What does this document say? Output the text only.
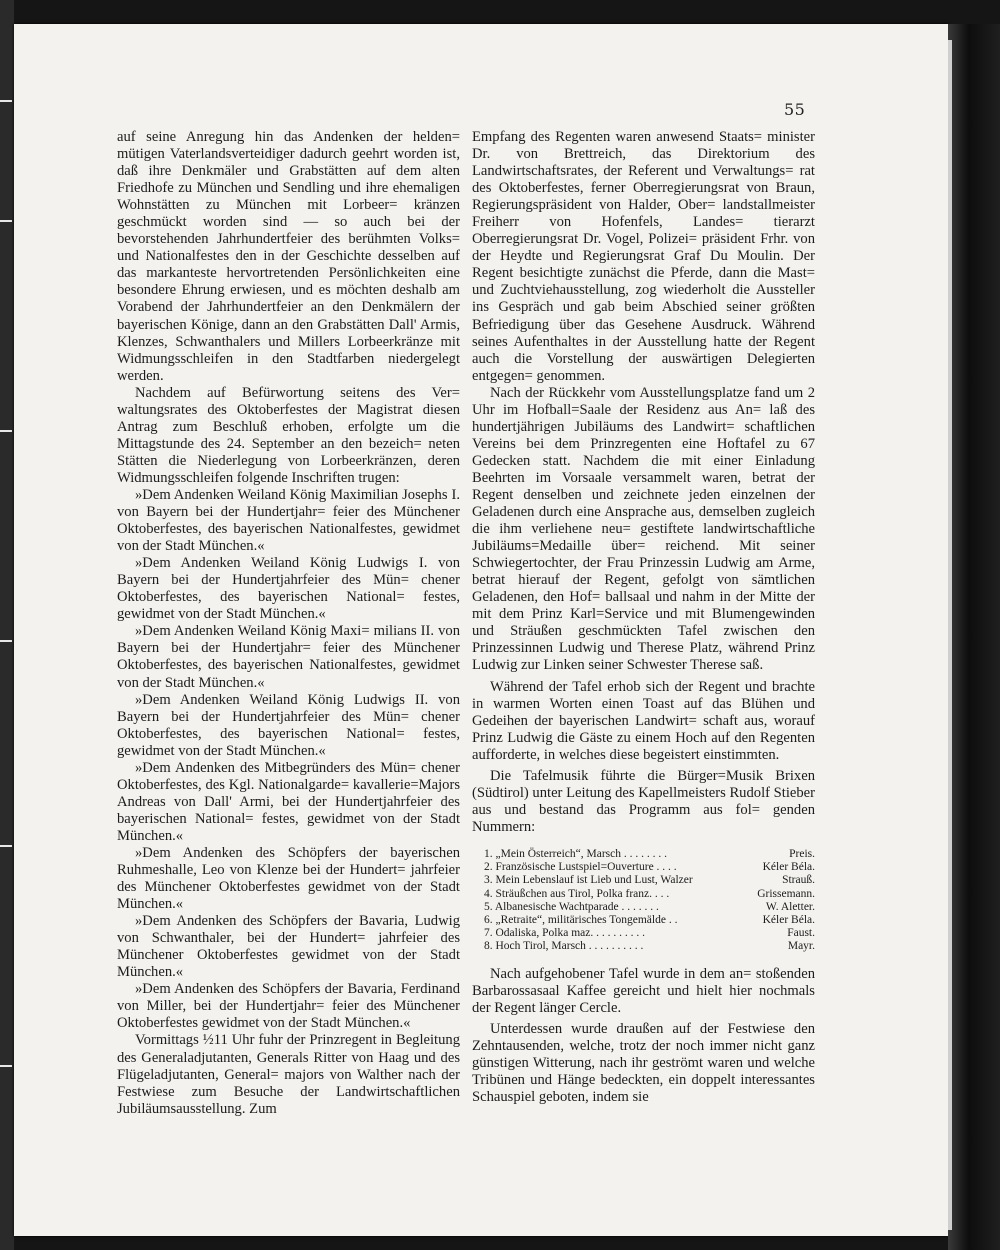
55

auf seine Anregung hin das Andenken der helden= mütigen Vaterlandsverteidiger dadurch geehrt worden ist, daß ihre Denkmäler und Grabstätten auf dem alten Friedhofe zu München und Sendling und ihre ehemaligen Wohnstätten zu München mit Lorbeer= kränzen geschmückt worden sind — so auch bei der bevorstehenden Jahrhundertfeier des berühmten Volks= und Nationalfestes den in der Geschichte desselben auf das markanteste hervortretenden Persönlichkeiten eine besondere Ehrung erwiesen, und es möchten deshalb am Vorabend der Jahrhundertfeier an den Denkmälern der bayerischen Könige, dann an den Grabstätten Dall' Armis, Klenzes, Schwanthalers und Millers Lorbeerkränze mit Widmungsschleifen in den Stadtfarben niedergelegt werden.

Nachdem auf Befürwortung seitens des Ver= waltungsrates des Oktoberfestes der Magistrat diesen Antrag zum Beschluß erhoben, erfolgte um die Mittagstunde des 24. September an den bezeich= neten Stätten die Niederlegung von Lorbeerkränzen, deren Widmungsschleifen folgende Inschriften trugen:

»Dem Andenken Weiland König Maximilian Josephs I. von Bayern bei der Hundertjahr= feier des Münchener Oktoberfestes, des bayerischen Nationalfestes, gewidmet von der Stadt München.«

»Dem Andenken Weiland König Ludwigs I. von Bayern bei der Hundertjahrfeier des Mün= chener Oktoberfestes, des bayerischen National= festes, gewidmet von der Stadt München.«

»Dem Andenken Weiland König Maxi= milians II. von Bayern bei der Hundertjahr= feier des Münchener Oktoberfestes, des bayerischen Nationalfestes, gewidmet von der Stadt München.«

»Dem Andenken Weiland König Ludwigs II. von Bayern bei der Hundertjahrfeier des Mün= chener Oktoberfestes, des bayerischen National= festes, gewidmet von der Stadt München.«

»Dem Andenken des Mitbegründers des Mün= chener Oktoberfestes, des Kgl. Nationalgarde= kavallerie=Majors Andreas von Dall' Armi, bei der Hundertjahrfeier des bayerischen National= festes, gewidmet von der Stadt München.«

»Dem Andenken des Schöpfers der bayerischen Ruhmeshalle, Leo von Klenze bei der Hundert= jahrfeier des Münchener Oktoberfestes gewidmet von der Stadt München.«

»Dem Andenken des Schöpfers der Bavaria, Ludwig von Schwanthaler, bei der Hundert= jahrfeier des Münchener Oktoberfestes gewidmet von der Stadt München.«

»Dem Andenken des Schöpfers der Bavaria, Ferdinand von Miller, bei der Hundertjahr= feier des Münchener Oktoberfestes gewidmet von der Stadt München.«

Vormittags ½11 Uhr fuhr der Prinzregent in Begleitung des Generaladjutanten, Generals Ritter von Haag und des Flügeladjutanten, General= majors von Walther nach der Festwiese zum Besuche der Landwirtschaftlichen Jubiläumsausstellung. Zum

Empfang des Regenten waren anwesend Staats= minister Dr. von Brettreich, das Direktorium des Landwirtschaftsrates, der Referent und Verwaltungs= rat des Oktoberfestes, ferner Oberregierungsrat von Braun, Regierungspräsident von Halder, Ober= landstallmeister Freiherr von Hofenfels, Landes= tierarzt Oberregierungsrat Dr. Vogel, Polizei= präsident Frhr. von der Heydte und Regierungsrat Graf Du Moulin. Der Regent besichtigte zunächst die Pferde, dann die Mast= und Zuchtviehausstellung, zog wiederholt die Aussteller ins Gespräch und gab beim Abschied seiner größten Befriedigung über das Gesehene Ausdruck. Während seines Aufenthaltes in der Ausstellung hatte der Regent auch die Vorstellung der auswärtigen Delegierten entgegen= genommen.

Nach der Rückkehr vom Ausstellungsplatze fand um 2 Uhr im Hofball=Saale der Residenz aus An= laß des hundertjährigen Jubiläums des Landwirt= schaftlichen Vereins bei dem Prinzregenten eine Hoftafel zu 67 Gedecken statt. Nachdem die mit einer Einladung Beehrten im Vorsaale versammelt waren, betrat der Regent denselben und zeichnete jeden einzelnen der Geladenen durch eine Ansprache aus, demselben zugleich die ihm verliehene neu= gestiftete landwirtschaftliche Jubiläums=Medaille über= reichend. Mit seiner Schwiegertochter, der Frau Prinzessin Ludwig am Arme, betrat hierauf der Regent, gefolgt von sämtlichen Geladenen, den Hof= ballsaal und nahm in der Mitte der mit dem Prinz Karl=Service und mit Blumengewinden und Sträußen geschmückten Tafel zwischen den Prinzessinnen Ludwig und Therese Platz, während Prinz Ludwig zur Linken seiner Schwester Therese saß.

Während der Tafel erhob sich der Regent und brachte in warmen Worten einen Toast auf das Blühen und Gedeihen der bayerischen Landwirt= schaft aus, worauf Prinz Ludwig die Gäste zu einem Hoch auf den Regenten aufforderte, in welches diese begeistert einstimmten.

Die Tafelmusik führte die Bürger=Musik Brixen (Südtirol) unter Leitung des Kapellmeisters Rudolf Stieber aus und bestand das Programm aus fol= genden Nummern:

1. „Mein Österreich“, Marsch . . . . . . . .	Preis.
2. Französische Lustspiel=Ouverture . . . .	Kéler Béla.
3. Mein Lebenslauf ist Lieb und Lust, Walzer	Strauß.
4. Sträußchen aus Tirol, Polka franz. . . .	Grissemann.
5. Albanesische Wachtparade . . . . . . .	W. Aletter.
6. „Retraite“, militärisches Tongemälde . .	Kéler Béla.
7. Odaliska, Polka maz. . . . . . . . . .	Faust.
8. Hoch Tirol, Marsch . . . . . . . . . .	Mayr.

Nach aufgehobener Tafel wurde in dem an= stoßenden Barbarossasaal Kaffee gereicht und hielt hier nochmals der Regent länger Cercle.

Unterdessen wurde draußen auf der Festwiese den Zehntausenden, welche, trotz der noch immer nicht ganz günstigen Witterung, nach ihr geströmt waren und welche Tribünen und Hänge bedeckten, ein doppelt interessantes Schauspiel geboten, indem sie
